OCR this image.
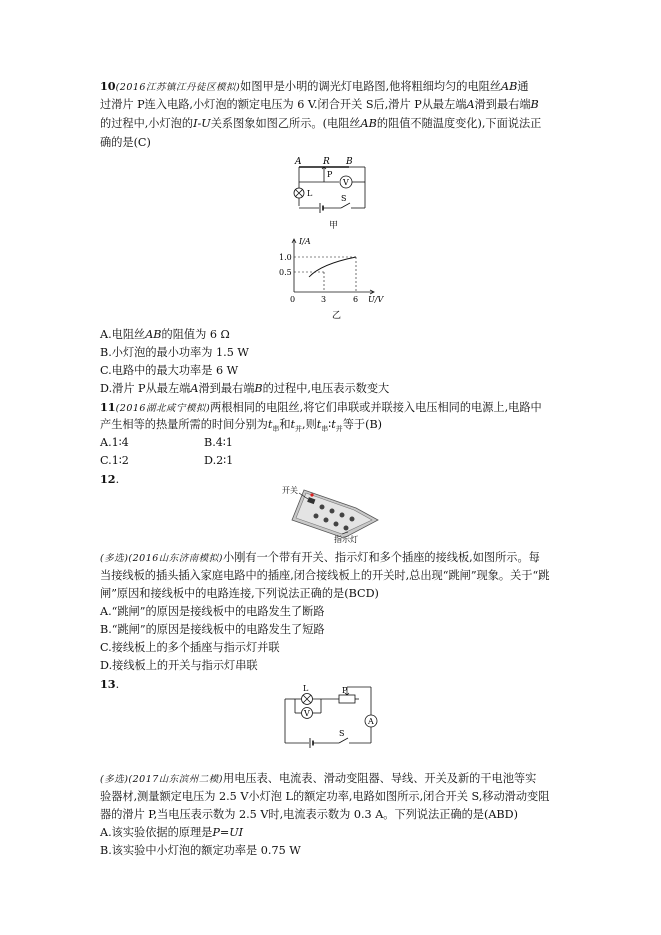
10(2016江苏镇江丹徒区模拟)如图甲是小明的调光灯电路图,他将粗细均匀的电阻丝AB通
过滑片 P连入电路,小灯泡的额定电压为 6 V.闭合开关 S后,滑片 P从最左端A滑到最右端B
的过程中,小灯泡的I-U关系图象如图乙所示。(电阻丝AB的阻值不随温度变化),下面说法正
确的是(C)
A R B
P
V
L
S
甲
I/A
1.0
0.5
0	3	6 U/V
乙
A.电阻丝AB的阻值为 6 Ω
B.小灯泡的最小功率为 1.5 W
C.电路中的最大功率是 6 W
D.滑片 P从最左端A滑到最右端B的过程中,电压表示数变大
11(2016湖北咸宁模拟)两根相同的电阻丝,将它们串联或并联接入电压相同的电源上,电路中
产生相等的热量所需的时间分别为$t_串$和$t_并$,则$t_串∶t_并$等于(B)
A.1∶4	B.4∶1
C.1∶2	D.2∶1
12.
开关
指示灯
(多选)(2016山东济南模拟)小刚有一个带有开关、指示灯和多个插座的接线板,如图所示。每
当接线板的插头插入家庭电路中的插座,闭合接线板上的开关时,总出现“跳闸”现象。关于“跳
闸”原因和接线板中的电路连接,下列说法正确的是(BCD)
A.“跳闸”的原因是接线板中的电路发生了断路
B.“跳闸”的原因是接线板中的电路发生了短路
C.接线板上的多个插座与指示灯并联
D.接线板上的开关与指示灯串联
13.	L	P
A
V
S
(多选)(2017山东滨州二模)用电压表、电流表、滑动变阻器、导线、开关及新的干电池等实
验器材,测量额定电压为 2.5 V小灯泡 L的额定功率,电路如图所示,闭合开关 S,移动滑动变阻
器的滑片 P,当电压表示数为 2.5 V时,电流表示数为 0.3 A。下列说法正确的是(ABD)
A.该实验依据的原理是P=UI
B.该实验中小灯泡的额定功率是 0.75 W
